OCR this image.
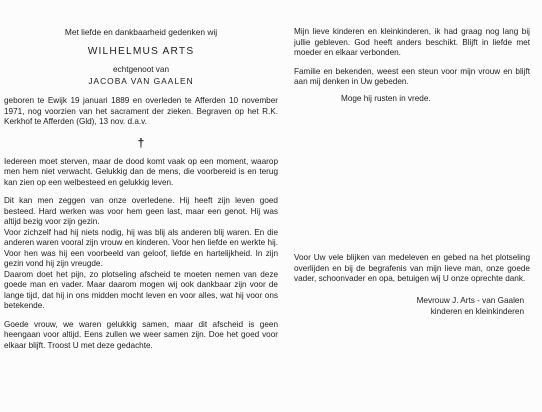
Met liefde en dankbaarheid gedenken wij
WILHELMUS ARTS
echtgenoot van
JACOBA VAN GAALEN

geboren te Ewijk 19 januari 1889 en overleden te Afferden 10 november 1971, nog voorzien van het sacrament der zieken. Begraven op het R.K. Kerkhof te Afferden (Gld), 13 nov. d.a.v.

†

Iedereen moet sterven, maar de dood komt vaak op een moment, waarop men hem niet verwacht. Gelukkig dan de mens, die voorbereid is en terug kan zien op een welbesteed en gelukkig leven.

Dit kan men zeggen van onze overledene. Hij heeft zijn leven goed besteed. Hard werken was voor hem geen last, maar een genot. Hij was altijd bezig voor zijn gezin.

Voor zichzelf had hij niets nodig, hij was blij als anderen blij waren. En die anderen waren vooral zijn vrouw en kinderen. Voor hen liefde en werkte hij. Voor hen was hij een voorbeeld van geloof, liefde en hartelijkheid. In zijn gezin vond hij zijn vreugde.

Daarom doet het pijn, zo plotseling afscheid te moeten nemen van deze goede man en vader. Maar daarom mogen wij ook dankbaar zijn voor de lange tijd, dat hij in ons midden mocht leven en voor alles, wat hij voor ons betekende.

Goede vrouw, we waren gelukkig samen, maar dit afscheid is geen heengaan voor altijd. Eens zullen we weer samen zijn. Doe het goed voor elkaar blijft. Troost U met deze gedachte.

Mijn lieve kinderen en kleinkinderen, ik had graag nog lang bij jullie gebleven. God heeft anders beschikt. Blijft in liefde met moeder en elkaar verbonden.

Familie en bekenden, weest een steun voor mijn vrouw en blijft aan mij denken in Uw gebeden.

Moge hij rusten in vrede.

Voor Uw vele blijken van medeleven en gebed na het plotseling overlijden en bij de begrafenis van mijn lieve man, onze goede vader, schoonvader en opa, betuigen wij U onze oprechte dank.

Mevrouw J. Arts - van Gaalen
kinderen en kleinkinderen
